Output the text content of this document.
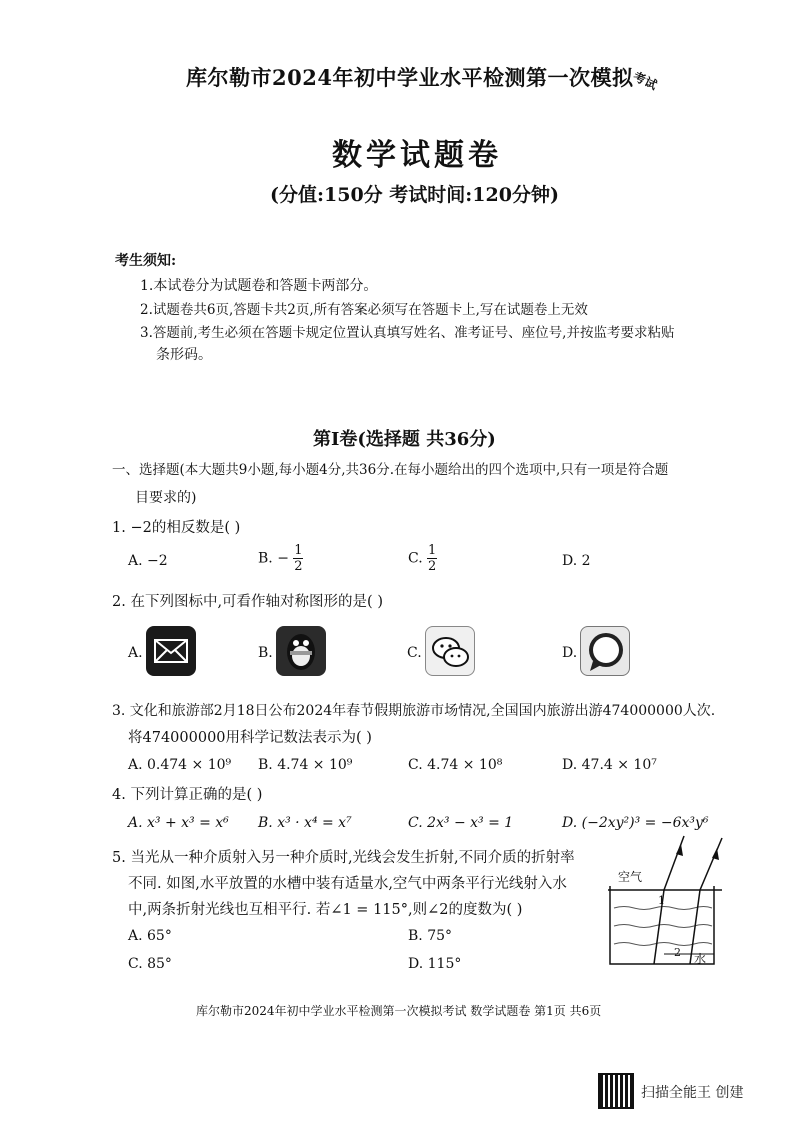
库尔勒市2024年初中学业水平检测第一次模拟考试
数学试题卷
(分值:150分 考试时间:120分钟)
考生须知:
1.本试卷分为试题卷和答题卡两部分。
2.试题卷共6页,答题卡共2页,所有答案必须写在答题卡上,写在试题卷上无效
3.答题前,考生必须在答题卡规定位置认真填写姓名、准考证号、座位号,并按监考要求粘贴
条形码。
第Ⅰ卷(选择题 共36分)
一、选择题(本大题共9小题,每小题4分,共36分.在每小题给出的四个选项中,只有一项是符合题
目要求的)
1. −2的相反数是( )
A. −2	B. − $\frac{1}{2}$	C. $\frac{1}{2}$	D. 2
2. 在下列图标中,可看作轴对称图形的是( )
A.	B.	C.	D.
3. 文化和旅游部2月18日公布2024年春节假期旅游市场情况,全国国内旅游出游474000000人次.
将474000000用科学记数法表示为( )
A. 0.474 × 10⁹ B. 4.74 × 10⁹	C. 4.74 × 10⁸	D. 47.4 × 10⁷
4. 下列计算正确的是( )
A. x³ + x³ = x⁶ B. x³ · x⁴ = x⁷	C. 2x³ − x³ = 1	D. (−2xy²)³ = −6x³y⁶
5. 当光从一种介质射入另一种介质时,光线会发生折射,不同介质的折射率
不同. 如图,水平放置的水槽中装有适量水,空气中两条平行光线射入水
中,两条折射光线也互相平行. 若∠1 = 115°,则∠2的度数为( )
A. 65°	B. 75°
C. 85°	D. 115°
空气
水
1
2
库尔勒市2024年初中学业水平检测第一次模拟考试 数学试题卷 第1页 共6页
扫描全能王 创建
